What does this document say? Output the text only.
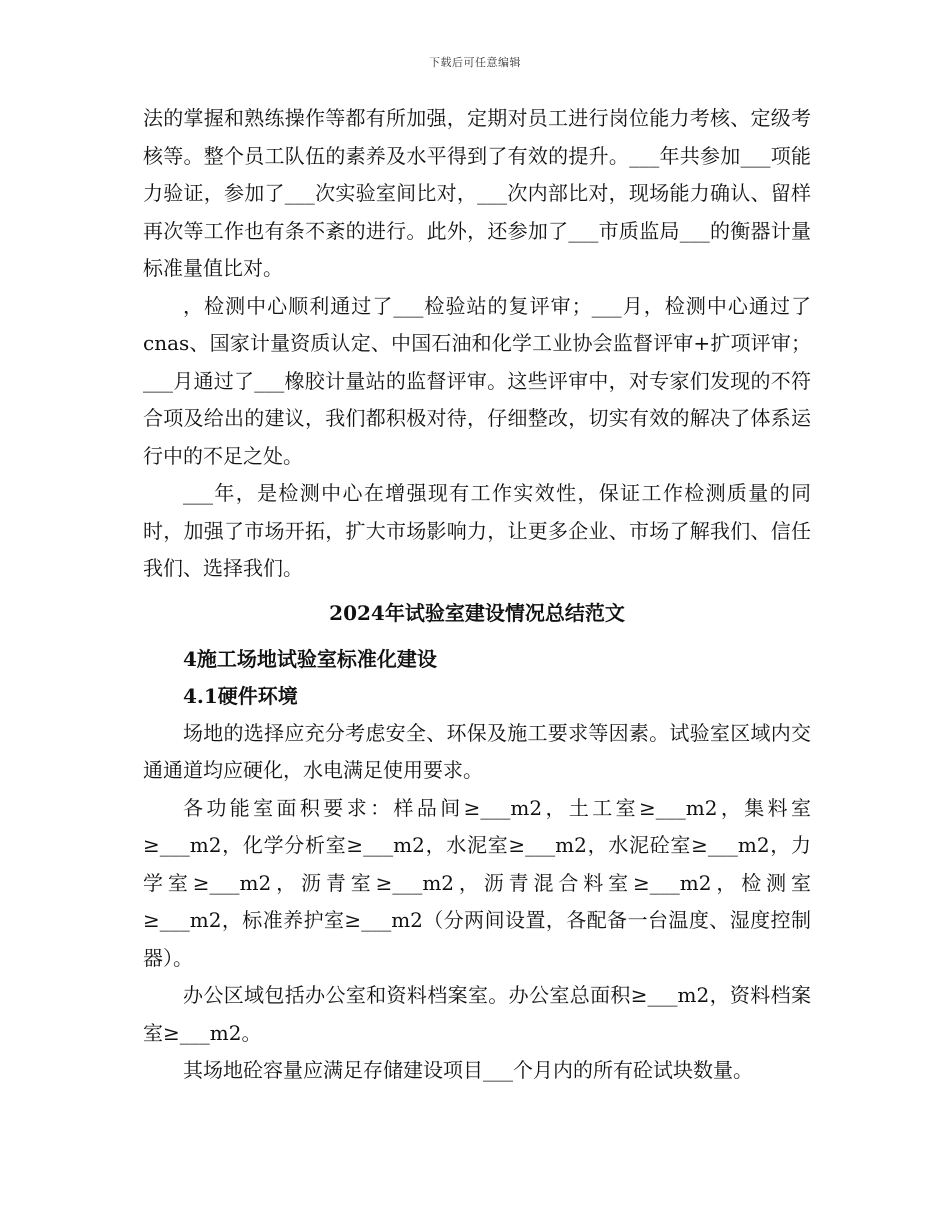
下载后可任意编辑

法的掌握和熟练操作等都有所加强，定期对员工进行岗位能力考核、定级考核等。整个员工队伍的素养及水平得到了有效的提升。___年共参加___项能力验证，参加了___次实验室间比对，___次内部比对，现场能力确认、留样再次等工作也有条不紊的进行。此外，还参加了___市质监局___的衡器计量标准量值比对。

，检测中心顺利通过了___检验站的复评审；___月，检测中心通过了cnas、国家计量资质认定、中国石油和化学工业协会监督评审+扩项评审；___月通过了___橡胶计量站的监督评审。这些评审中，对专家们发现的不符合项及给出的建议，我们都积极对待，仔细整改，切实有效的解决了体系运行中的不足之处。

___年，是检测中心在增强现有工作实效性，保证工作检测质量的同时，加强了市场开拓，扩大市场影响力，让更多企业、市场了解我们、信任我们、选择我们。

2024年试验室建设情况总结范文

4施工场地试验室标准化建设

4.1硬件环境

场地的选择应充分考虑安全、环保及施工要求等因素。试验室区域内交通通道均应硬化，水电满足使用要求。

各功能室面积要求：样品间≥___m2，土工室≥___m2，集料室≥___m2，化学分析室≥___m2，水泥室≥___m2，水泥砼室≥___m2，力学室≥___m2，沥青室≥___m2，沥青混合料室≥___m2，检测室≥___m2，标准养护室≥___m2（分两间设置，各配备一台温度、湿度控制器）。

办公区域包括办公室和资料档案室。办公室总面积≥___m2，资料档案室≥___m2。

其场地砼容量应满足存储建设项目___个月内的所有砼试块数量。
